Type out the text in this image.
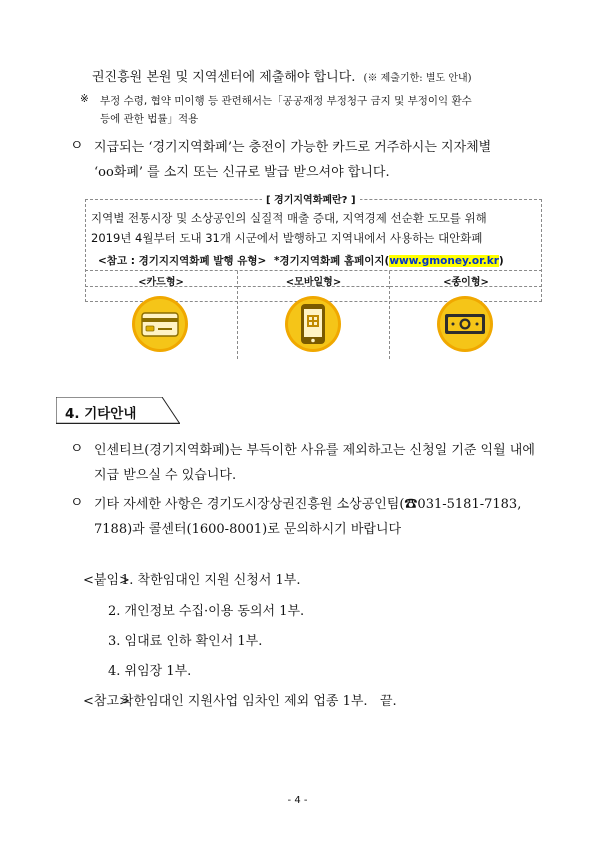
권진흥원 본원 및 지역센터에 제출해야 합니다. (※ 제출기한: 별도 안내)
※ 부정 수령, 협약 미이행 등 관련해서는「공공재정 부정청구 금지 및 부정이익 환수
등에 관한 법률」적용
ㅇ 지급되는 ‘경기지역화폐’는 충전이 가능한 카드로 거주하시는 지자체별
‘oo화폐’ 를 소지 또는 신규로 발급 받으셔야 합니다.
[ 경기지역화폐란? ]
지역별 전통시장 및 소상공인의 실질적 매출 증대, 지역경제 선순환 도모를 위해
2019년 4월부터 도내 31개 시군에서 발행하고 지역내에서 사용하는 대안화폐
<참고 : 경기지지역화폐 발행 유형> *경기지역화폐 홈페이지(www.gmoney.or.kr)
<카드형>	<모바일형>	<종이형>
4. 기타안내
ㅇ 인센티브(경기지역화폐)는 부득이한 사유를 제외하고는 신청일 기준 익월 내에
지급 받으실 수 있습니다.
ㅇ 기타 자세한 사항은 경기도시장상권진흥원 소상공인팀(☎031-5181-7183,
7188)과 콜센터(1600-8001)로 문의하시기 바랍니다
<붙임>
1. 착한임대인 지원 신청서 1부.
2. 개인정보 수집·이용 동의서 1부.
3. 임대료 인하 확인서 1부.
4. 위임장 1부.
<참고>
착한임대인 지원사업 임차인 제외 업종 1부. 끝.
- 4 -
